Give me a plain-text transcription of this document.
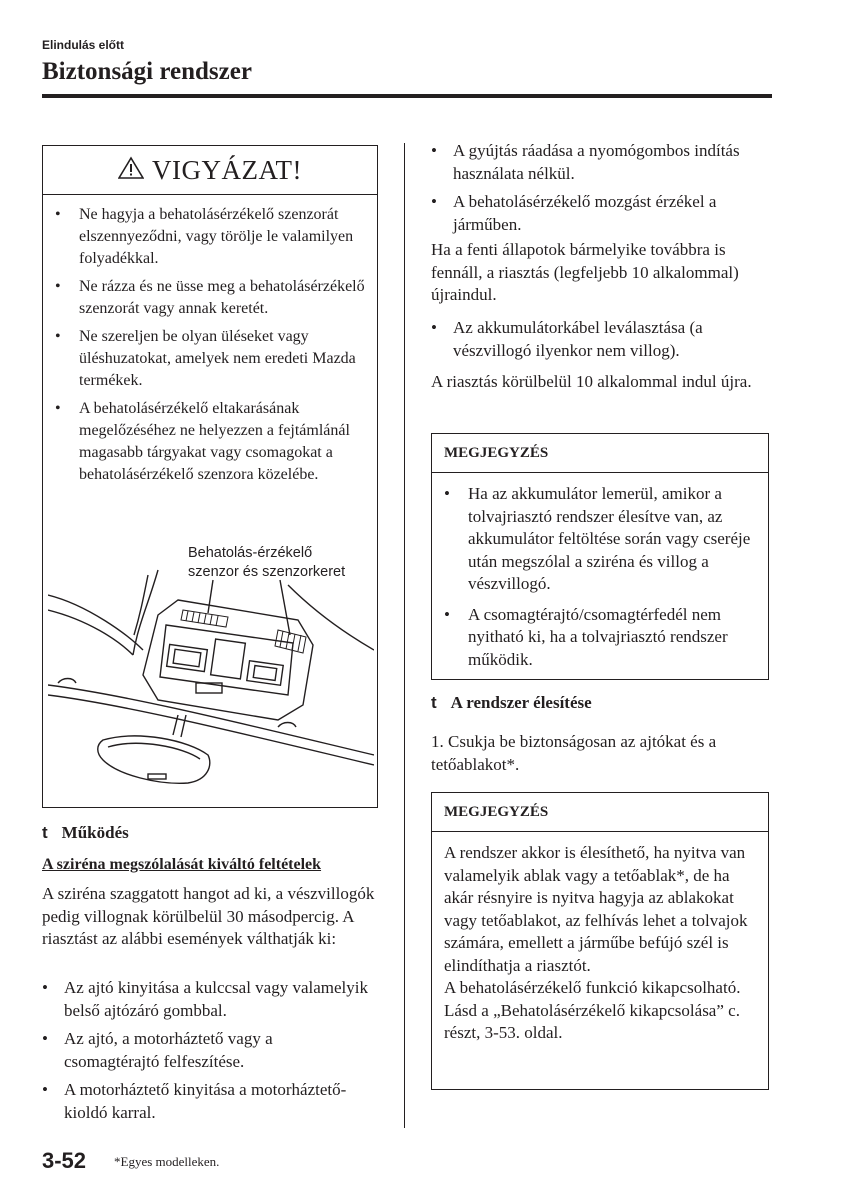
Elindulás előtt
Biztonsági rendszer
VIGYÁZAT!
• Ne hagyja a behatolásérzékelő szenzorát elszennyeződni, vagy törölje le valamilyen folyadékkal.
• Ne rázza és ne üsse meg a behatolásérzékelő szenzorát vagy annak keretét.
• Ne szereljen be olyan üléseket vagy üléshuzatokat, amelyek nem eredeti Mazda termékek.
• A behatolásérzékelő eltakarásának megelőzéséhez ne helyezzen a fejtámlánál magasabb tárgyakat vagy csomagokat a behatolásérzékelő szenzora közelébe.
Behatolás-érzékelő
szenzor és szenzorkeret
t Működés
A sziréna megszólalását kiváltó feltételek

A sziréna szaggatott hangot ad ki, a vészvillogók pedig villognak körülbelül 30 másodpercig. A riasztást az alábbi események válthatják ki:

• Az ajtó kinyitása a kulccsal vagy valamelyik belső ajtózáró gombbal.
• Az ajtó, a motorháztető vagy a csomagtérajtó felfeszítése.
• A motorháztető kinyitása a motorháztető-kioldó karral.
• A gyújtás ráadása a nyomógombos indítás használata nélkül.
• A behatolásérzékelő mozgást érzékel a járműben.

Ha a fenti állapotok bármelyike továbbra is fennáll, a riasztás (legfeljebb 10 alkalommal) újraindul.

• Az akkumulátorkábel leválasztása (a vészvillogó ilyenkor nem villog).

A riasztás körülbelül 10 alkalommal indul újra.

MEGJEGYZÉS
• Ha az akkumulátor lemerül, amikor a tolvajriasztó rendszer élesítve van, az akkumulátor feltöltése során vagy cseréje után megszólal a sziréna és villog a vészvillogó.
• A csomagtérajtó/csomagtérfedél nem nyitható ki, ha a tolvajriasztó rendszer működik.
t A rendszer élesítése

1. Csukja be biztonságosan az ajtókat és a tetőablakot*.

MEGJEGYZÉS

A rendszer akkor is élesíthető, ha nyitva van valamelyik ablak vagy a tetőablak*, de ha akár résnyire is nyitva hagyja az ablakokat vagy tetőablakot, az felhívás lehet a tolvajok számára, emellett a járműbe befújó szél is elindíthatja a riasztót.
A behatolásérzékelő funkció kikapcsolható.
Lásd a „Behatolásérzékelő kikapcsolása” c. részt, 3-53. oldal.

3-52 *Egyes modelleken.
